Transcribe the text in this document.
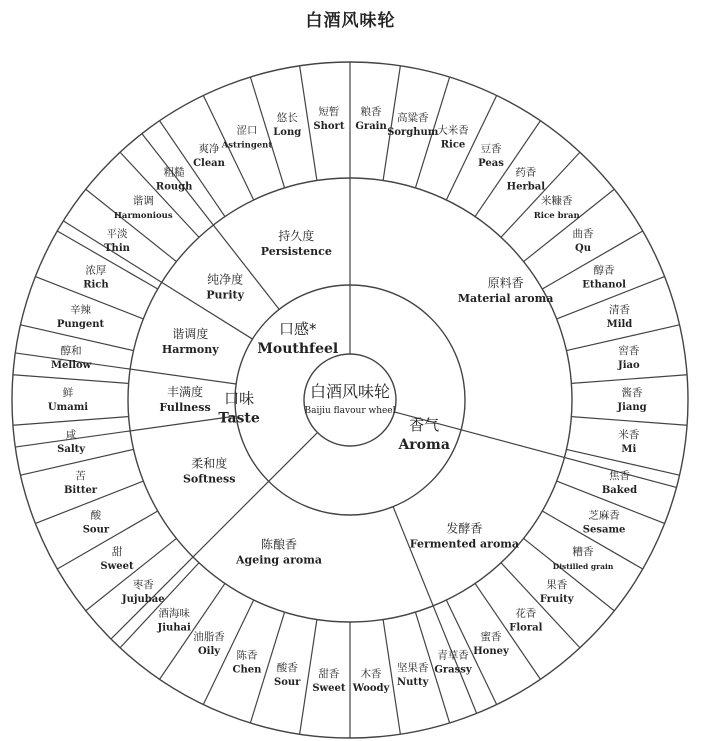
白酒风味轮
白酒风味轮
Baijiu flavour wheel
口感*
Mouthfeel
香气
Aroma
口味
Taste
持久度
Persistence
纯净度
Purity
谐调度
Harmony
丰满度
Fullness
柔和度
Softness
原料香
Material aroma
发酵香
Fermented aroma
陈酿香
Ageing aroma
粮香
Grain
高粱香
Sorghum
大米香
Rice 豆香
Peas
药香
Herbal
米糠香
Rice bran
曲香
Qu
醇香
Ethanol
清香
Mild
窖香
Jiao
酱香
Jiang
米香
Mi
焦香
Baked
芝麻香
Sesame
糟香
Distilled grain
果香
Fruity
花香
Floral
蜜香
Honey
青草香
Grassy
坚果香
Nutty
木香
Woody
甜香
Sweet
酸香
Sour
陈香
Chen
油脂香
Oily
酒海味
Jiuhai
枣香
Jujubae
甜
Sweet
酸
Sour
苦
Bitter
咸
Salty
鲜
Umami
醇和
Mellow
辛辣
Pungent
浓厚
Rich
平淡
Thin
谐调
Harmonious
粗糙
Rough
爽净
Clean
涩口
Astringent
悠长
Long
短暂
Short
